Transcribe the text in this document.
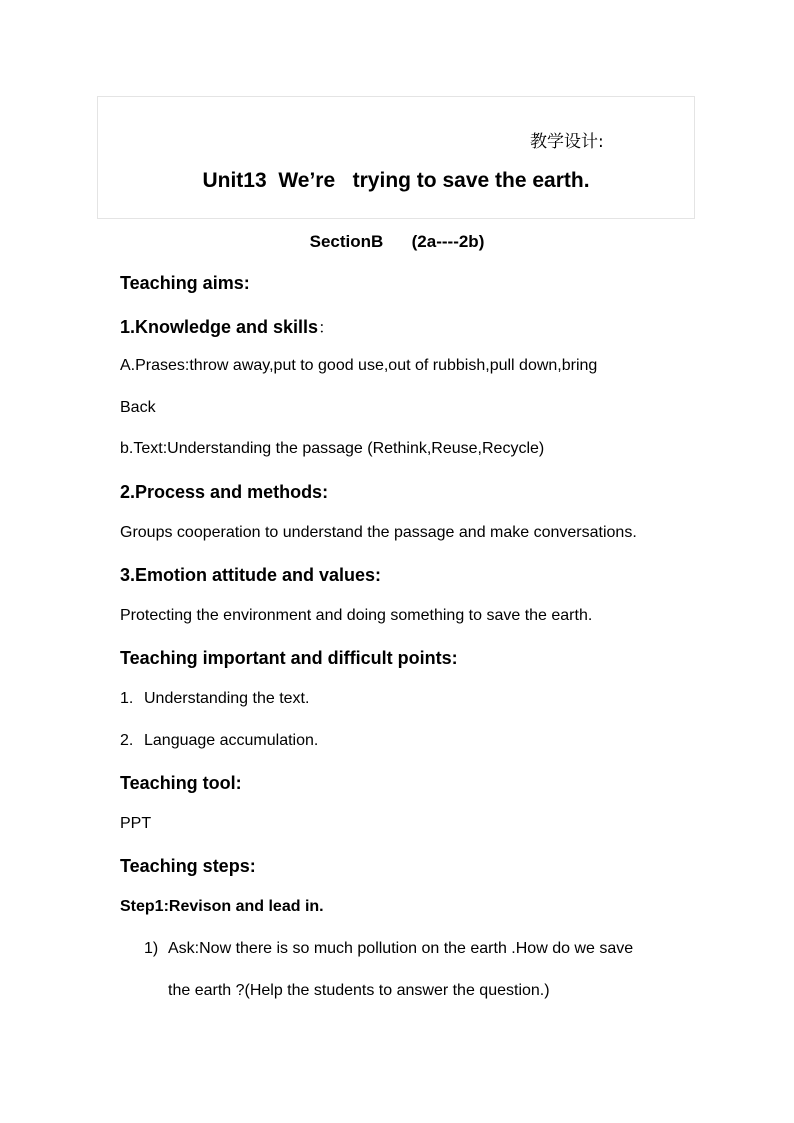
教学设计:
Unit13  We’re   trying to save the earth.
SectionB      (2a----2b)
Teaching aims:
1.Knowledge and skills：
A.Prases:throw away,put to good use,out of rubbish,pull down,bring
Back
b.Text:Understanding the passage (Rethink,Reuse,Recycle)
2.Process and methods:
Groups cooperation to understand the passage and make conversations.
3.Emotion attitude and values:
Protecting the environment and doing something to save the earth.
Teaching important and difficult points:
1. Understanding the text.
2. Language accumulation.
Teaching tool:
PPT
Teaching steps:
Step1:Revison and lead in.
1) Ask:Now there is so much pollution on the earth .How do we save
the earth ?(Help the students to answer the question.)
